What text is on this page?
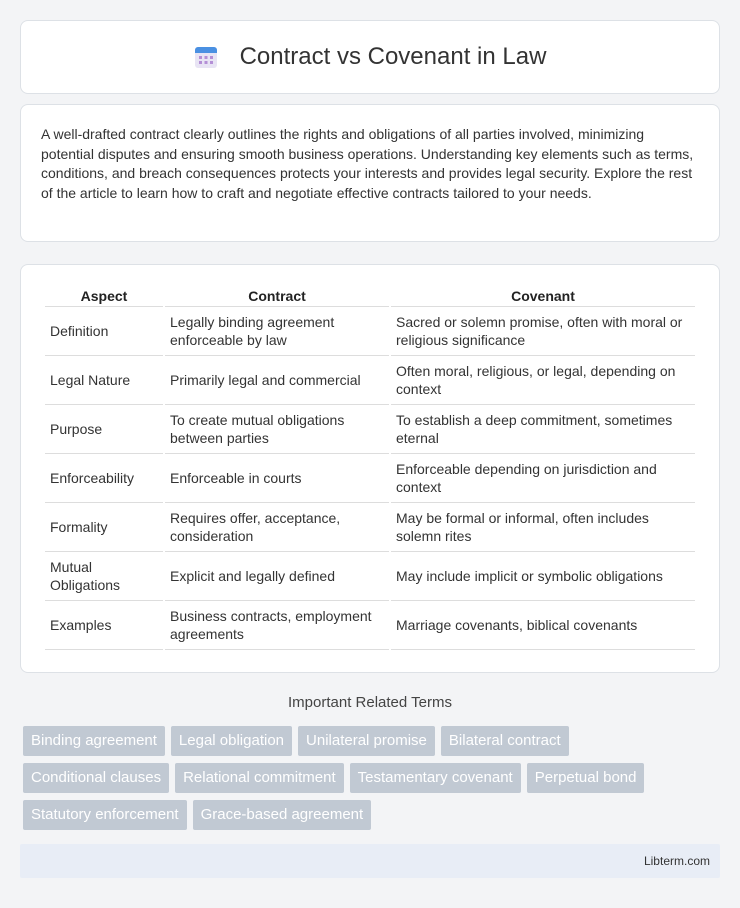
Contract vs Covenant in Law

A well-drafted contract clearly outlines the rights and obligations of all parties involved, minimizing potential disputes and ensuring smooth business operations. Understanding key elements such as terms, conditions, and breach consequences protects your interests and provides legal security. Explore the rest of the article to learn how to craft and negotiate effective contracts tailored to your needs.

Aspect	Contract	Covenant
Definition	Legally binding agreement enforceable by law	Sacred or solemn promise, often with moral or religious significance
Legal Nature	Primarily legal and commercial	Often moral, religious, or legal, depending on context
Purpose	To create mutual obligations between parties	To establish a deep commitment, sometimes eternal
Enforceability	Enforceable in courts	Enforceable depending on jurisdiction and context
Formality	Requires offer, acceptance, consideration	May be formal or informal, often includes solemn rites
Mutual Obligations	Explicit and legally defined	May include implicit or symbolic obligations
Examples	Business contracts, employment agreements	Marriage covenants, biblical covenants
Important Related Terms
Binding agreement	Legal obligation	Unilateral promise	Bilateral contract
Conditional clauses	Relational commitment	Testamentary covenant	Perpetual bond
Statutory enforcement	Grace-based agreement
Libterm.com
